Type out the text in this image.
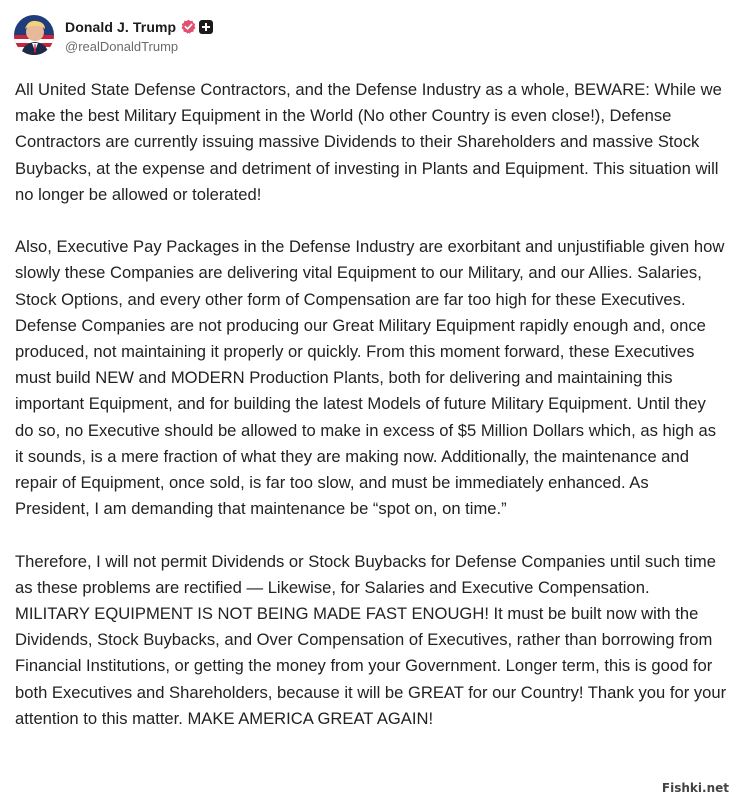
Donald J. Trump
@realDonaldTrump

All United State Defense Contractors, and the Defense Industry as a whole, BEWARE: While we make the best Military Equipment in the World (No other Country is even close!), Defense Contractors are currently issuing massive Dividends to their Shareholders and massive Stock Buybacks, at the expense and detriment of investing in Plants and Equipment. This situation will no longer be allowed or tolerated!

Also, Executive Pay Packages in the Defense Industry are exorbitant and unjustifiable given how slowly these Companies are delivering vital Equipment to our Military, and our Allies. Salaries, Stock Options, and every other form of Compensation are far too high for these Executives. Defense Companies are not producing our Great Military Equipment rapidly enough and, once produced, not maintaining it properly or quickly. From this moment forward, these Executives must build NEW and MODERN Production Plants, both for delivering and maintaining this important Equipment, and for building the latest Models of future Military Equipment. Until they do so, no Executive should be allowed to make in excess of $5 Million Dollars which, as high as it sounds, is a mere fraction of what they are making now. Additionally, the maintenance and repair of Equipment, once sold, is far too slow, and must be immediately enhanced. As President, I am demanding that maintenance be “spot on, on time.”

Therefore, I will not permit Dividends or Stock Buybacks for Defense Companies until such time as these problems are rectified — Likewise, for Salaries and Executive Compensation. MILITARY EQUIPMENT IS NOT BEING MADE FAST ENOUGH! It must be built now with the Dividends, Stock Buybacks, and Over Compensation of Executives, rather than borrowing from Financial Institutions, or getting the money from your Government. Longer term, this is good for both Executives and Shareholders, because it will be GREAT for our Country! Thank you for your attention to this matter. MAKE AMERICA GREAT AGAIN!

Fishki.net
